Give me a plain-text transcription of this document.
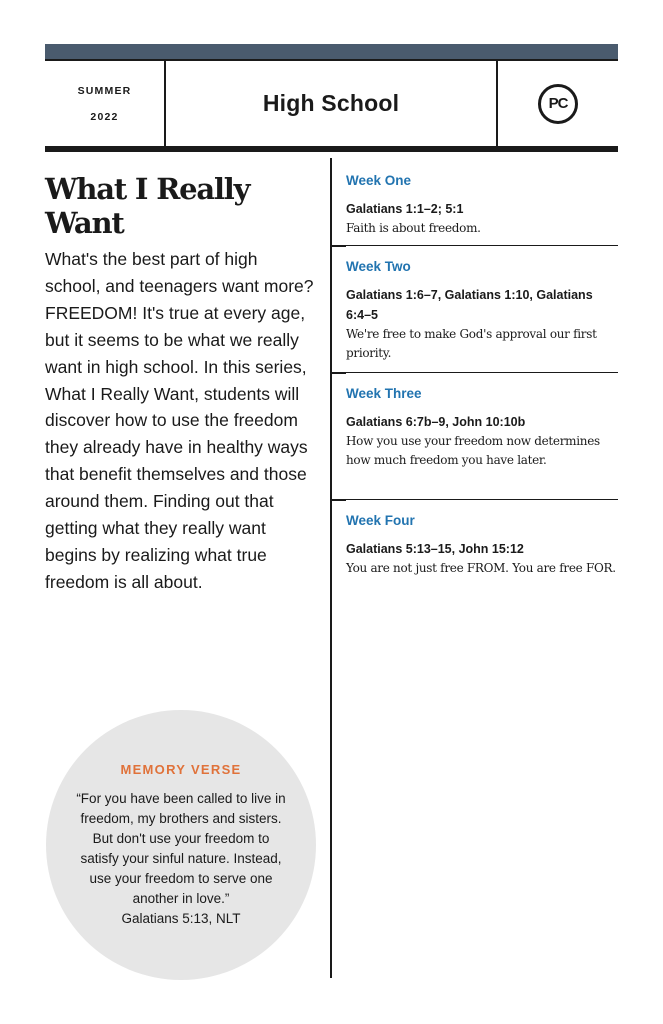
SUMMER
2022
High School	PC
What I Really Want

What's the best part of high school, and teenagers want more? FREEDOM! It's true at every age, but it seems to be what we really want in high school. In this series, What I Really Want, students will discover how to use the freedom they already have in healthy ways that benefit themselves and those around them. Finding out that getting what they really want begins by realizing what true freedom is all about.

MEMORY VERSE
“For you have been called to live in freedom, my brothers and sisters. But don't use your freedom to satisfy your sinful nature. Instead, use your freedom to serve one another in love.”
Galatians 5:13, NLT
Week One
Galatians 1:1–2; 5:1
Faith is about freedom.
Week Two
Galatians 1:6–7, Galatians 1:10, Galatians 6:4–5
We're free to make God's approval our first priority.
Week Three
Galatians 6:7b–9, John 10:10b
How you use your freedom now determines how much freedom you have later.
Week Four
Galatians 5:13–15, John 15:12
You are not just free FROM. You are free FOR.
